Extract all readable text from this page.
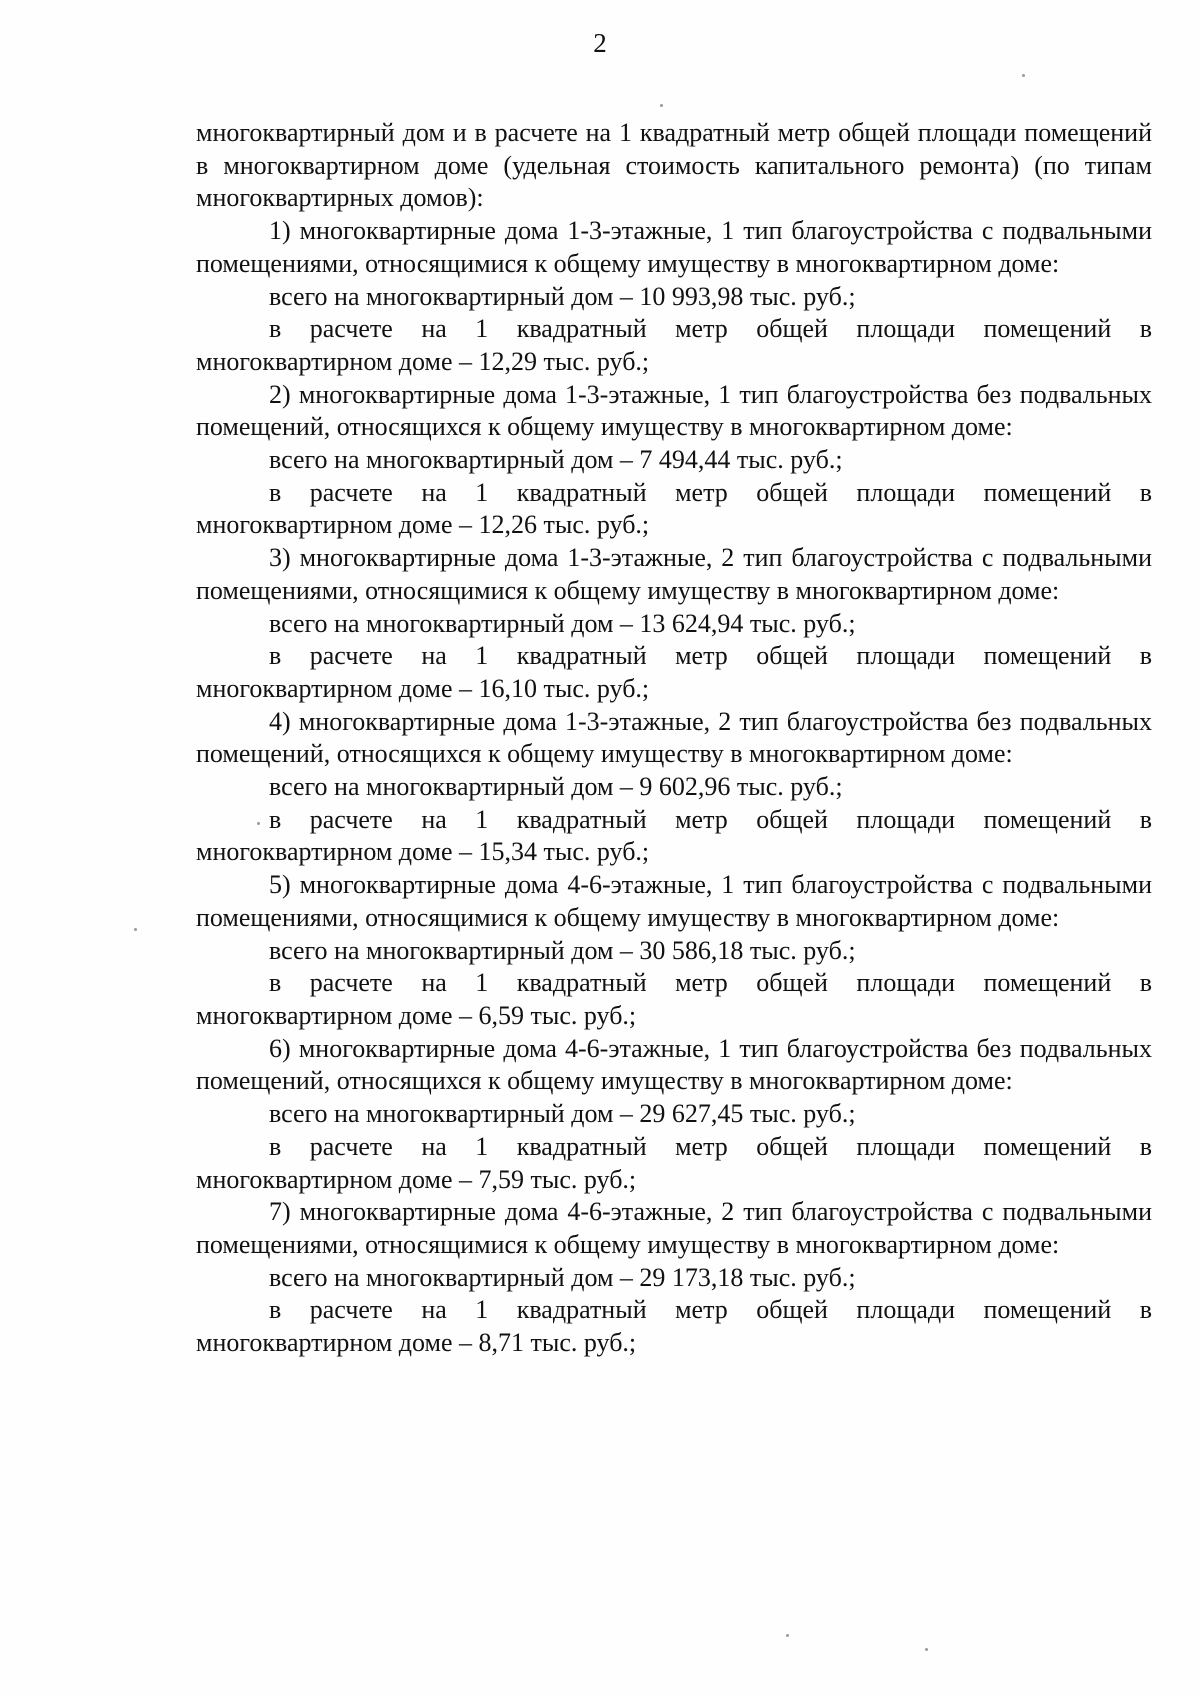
2

многоквартирный дом и в расчете на 1 квадратный метр общей площади помещений в многоквартирном доме (удельная стоимость капитального ремонта) (по типам многоквартирных домов):

1) многоквартирные дома 1-3-этажные, 1 тип благоустройства с подвальными помещениями, относящимися к общему имуществу в многоквартирном доме:

всего на многоквартирный дом – 10 993,98 тыс. руб.;

в расчете на 1 квадратный метр общей площади помещений в многоквартирном доме – 12,29 тыс. руб.;

2) многоквартирные дома 1-3-этажные, 1 тип благоустройства без подвальных помещений, относящихся к общему имуществу в многоквартирном доме:

всего на многоквартирный дом – 7 494,44 тыс. руб.;

в расчете на 1 квадратный метр общей площади помещений в многоквартирном доме – 12,26 тыс. руб.;

3) многоквартирные дома 1-3-этажные, 2 тип благоустройства с подвальными помещениями, относящимися к общему имуществу в многоквартирном доме:

всего на многоквартирный дом – 13 624,94 тыс. руб.;

в расчете на 1 квадратный метр общей площади помещений в многоквартирном доме – 16,10 тыс. руб.;

4) многоквартирные дома 1-3-этажные, 2 тип благоустройства без подвальных помещений, относящихся к общему имуществу в многоквартирном доме:

всего на многоквартирный дом – 9 602,96 тыс. руб.;

в расчете на 1 квадратный метр общей площади помещений в многоквартирном доме – 15,34 тыс. руб.;

5) многоквартирные дома 4-6-этажные, 1 тип благоустройства с подвальными помещениями, относящимися к общему имуществу в многоквартирном доме:

всего на многоквартирный дом – 30 586,18 тыс. руб.;

в расчете на 1 квадратный метр общей площади помещений в многоквартирном доме – 6,59 тыс. руб.;

6) многоквартирные дома 4-6-этажные, 1 тип благоустройства без подвальных помещений, относящихся к общему имуществу в многоквартирном доме:

всего на многоквартирный дом – 29 627,45 тыс. руб.;

в расчете на 1 квадратный метр общей площади помещений в многоквартирном доме – 7,59 тыс. руб.;

7) многоквартирные дома 4-6-этажные, 2 тип благоустройства с подвальными помещениями, относящимися к общему имуществу в многоквартирном доме:

всего на многоквартирный дом – 29 173,18 тыс. руб.;

в расчете на 1 квадратный метр общей площади помещений в многоквартирном доме – 8,71 тыс. руб.;
